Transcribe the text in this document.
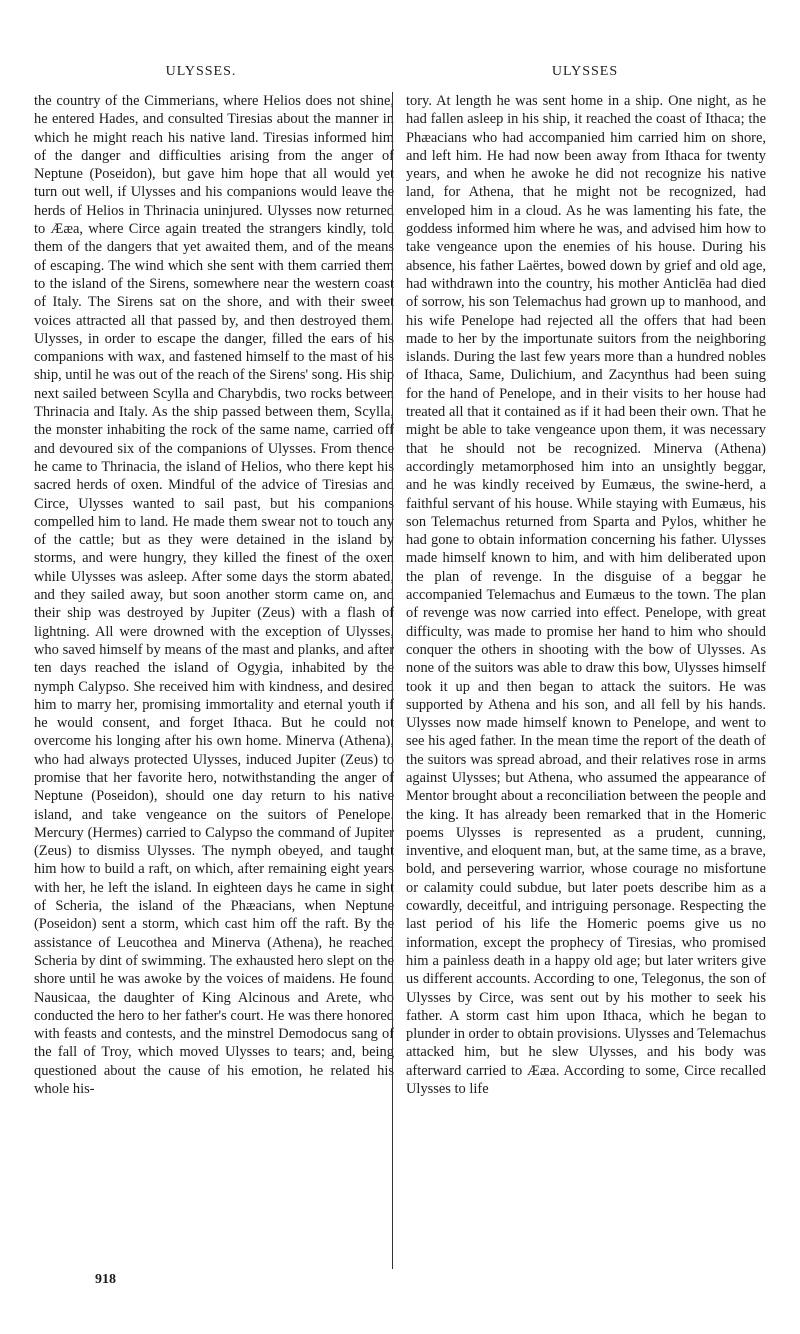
ULYSSES.	ULYSSES

the country of the Cimmerians, where Helios does not shine, he entered Hades, and consulted Tiresias about the manner in which he might reach his native land. Tiresias informed him of the danger and difficulties arising from the anger of Neptune (Poseidon), but gave him hope that all would yet turn out well, if Ulysses and his companions would leave the herds of Helios in Thrinacia uninjured. Ulysses now returned to Ææa, where Circe again treated the strangers kindly, told them of the dangers that yet awaited them, and of the means of escaping. The wind which she sent with them carried them to the island of the Sirens, somewhere near the western coast of Italy. The Sirens sat on the shore, and with their sweet voices attracted all that passed by, and then destroyed them. Ulysses, in order to escape the danger, filled the ears of his companions with wax, and fastened himself to the mast of his ship, until he was out of the reach of the Sirens' song. His ship next sailed between Scylla and Charybdis, two rocks between Thrinacia and Italy. As the ship passed between them, Scylla, the monster inhabiting the rock of the same name, carried off and devoured six of the companions of Ulysses. From thence he came to Thrinacia, the island of Helios, who there kept his sacred herds of oxen. Mindful of the advice of Tiresias and Circe, Ulysses wanted to sail past, but his companions compelled him to land. He made them swear not to touch any of the cattle; but as they were detained in the island by storms, and were hungry, they killed the finest of the oxen while Ulysses was asleep. After some days the storm abated, and they sailed away, but soon another storm came on, and their ship was destroyed by Jupiter (Zeus) with a flash of lightning. All were drowned with the exception of Ulysses, who saved himself by means of the mast and planks, and after ten days reached the island of Ogygia, inhabited by the nymph Calypso. She received him with kindness, and desired him to marry her, promising immortality and eternal youth if he would consent, and forget Ithaca. But he could not overcome his longing after his own home. Minerva (Athena), who had always protected Ulysses, induced Jupiter (Zeus) to promise that her favorite hero, notwithstanding the anger of Neptune (Poseidon), should one day return to his native island, and take vengeance on the suitors of Penelope. Mercury (Hermes) carried to Calypso the command of Jupiter (Zeus) to dismiss Ulysses. The nymph obeyed, and taught him how to build a raft, on which, after remaining eight years with her, he left the island. In eighteen days he came in sight of Scheria, the island of the Phæacians, when Neptune (Poseidon) sent a storm, which cast him off the raft. By the assistance of Leucothea and Minerva (Athena), he reached Scheria by dint of swimming. The exhausted hero slept on the shore until he was awoke by the voices of maidens. He found Nausicaa, the daughter of King Alcinous and Arete, who conducted the hero to her father's court. He was there honored with feasts and contests, and the minstrel Demodocus sang of the fall of Troy, which moved Ulysses to tears; and, being questioned about the cause of his emotion, he related his whole his-

tory. At length he was sent home in a ship. One night, as he had fallen asleep in his ship, it reached the coast of Ithaca; the Phæacians who had accompanied him carried him on shore, and left him. He had now been away from Ithaca for twenty years, and when he awoke he did not recognize his native land, for Athena, that he might not be recognized, had enveloped him in a cloud. As he was lamenting his fate, the goddess informed him where he was, and advised him how to take vengeance upon the enemies of his house. During his absence, his father Laërtes, bowed down by grief and old age, had withdrawn into the country, his mother Anticlēa had died of sorrow, his son Telemachus had grown up to manhood, and his wife Penelope had rejected all the offers that had been made to her by the importunate suitors from the neighboring islands. During the last few years more than a hundred nobles of Ithaca, Same, Dulichium, and Zacynthus had been suing for the hand of Penelope, and in their visits to her house had treated all that it contained as if it had been their own. That he might be able to take vengeance upon them, it was necessary that he should not be recognized. Minerva (Athena) accordingly metamorphosed him into an unsightly beggar, and he was kindly received by Eumæus, the swine-herd, a faithful servant of his house. While staying with Eumæus, his son Telemachus returned from Sparta and Pylos, whither he had gone to obtain information concerning his father. Ulysses made himself known to him, and with him deliberated upon the plan of revenge. In the disguise of a beggar he accompanied Telemachus and Eumæus to the town. The plan of revenge was now carried into effect. Penelope, with great difficulty, was made to promise her hand to him who should conquer the others in shooting with the bow of Ulysses. As none of the suitors was able to draw this bow, Ulysses himself took it up and then began to attack the suitors. He was supported by Athena and his son, and all fell by his hands. Ulysses now made himself known to Penelope, and went to see his aged father. In the mean time the report of the death of the suitors was spread abroad, and their relatives rose in arms against Ulysses; but Athena, who assumed the appearance of Mentor brought about a reconciliation between the people and the king. It has already been remarked that in the Homeric poems Ulysses is represented as a prudent, cunning, inventive, and eloquent man, but, at the same time, as a brave, bold, and persevering warrior, whose courage no misfortune or calamity could subdue, but later poets describe him as a cowardly, deceitful, and intriguing personage. Respecting the last period of his life the Homeric poems give us no information, except the prophecy of Tiresias, who promised him a painless death in a happy old age; but later writers give us different accounts. According to one, Telegonus, the son of Ulysses by Circe, was sent out by his mother to seek his father. A storm cast him upon Ithaca, which he began to plunder in order to obtain provisions. Ulysses and Telemachus attacked him, but he slew Ulysses, and his body was afterward carried to Ææa. According to some, Circe recalled Ulysses to life

918
